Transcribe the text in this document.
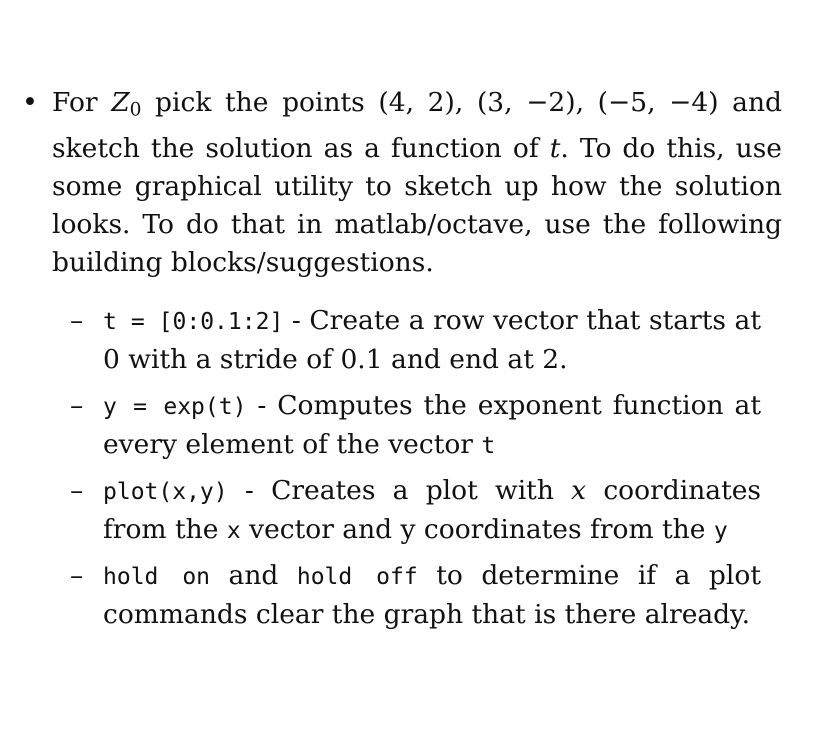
• For $Z_0$ pick the points (4, 2), (3, −2), (−5, −4) and sketch the solution as a function of t. To do this, use some graphical utility to sketch up how the solution looks. To do that in matlab/octave, use the following building blocks/suggestions.
– t = [0:0.1:2] - Create a row vector that starts at 0 with a stride of 0.1 and end at 2.
– y = exp(t) - Computes the exponent function at every element of the vector t
– plot(x,y) - Creates a plot with x coordinates from the x vector and y coordinates from the y
– hold on and hold off to determine if a plot commands clear the graph that is there already.
